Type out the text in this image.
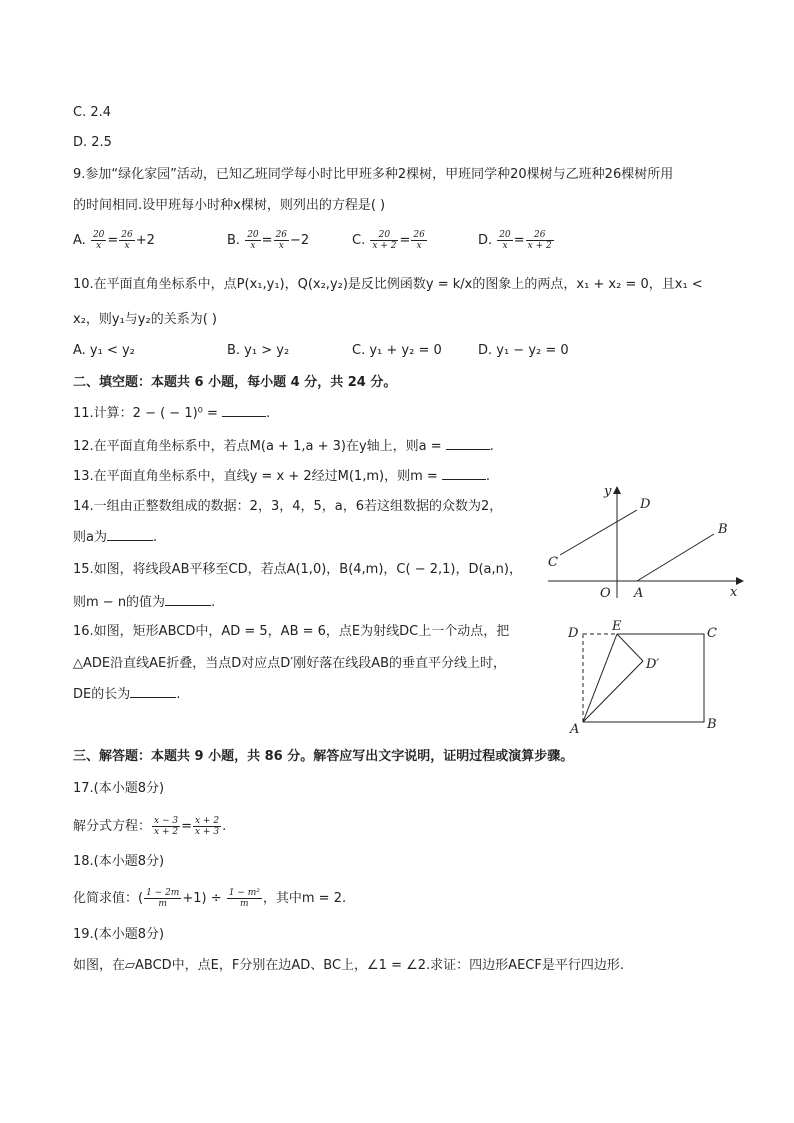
C. 2.4
D. 2.5
9.参加“绿化家园”活动，已知乙班同学每小时比甲班多种2棵树，甲班同学种20棵树与乙班种26棵树所用
的时间相同.设甲班每小时种x棵树，则列出的方程是( )
A. $\frac{20}{x} = \frac{26}{x} +2$	B. $\frac{20}{x} = \frac{26}{x} -2$	C. $\frac{20}{x + 2} = \frac{26}{x}$	D. $\frac{20}{x} = \frac{26}{x + 2}$
10.在平面直角坐标系中，点P(x₁,y₁)，Q(x₂,y₂)是反比例函数y = k/x的图象上的两点，x₁ + x₂ = 0，且x₁ <
x₂，则y₁与y₂的关系为( )
A. y₁ < y₂	B. y₁ > y₂	C. y₁ + y₂ = 0	D. y₁ − y₂ = 0
二、填空题：本题共 6 小题，每小题 4 分，共 24 分。
11.计算：2 − ( − 1)⁰ =	.
12.在平面直角坐标系中，若点M(a + 1,a + 3)在y轴上，则a =	.
13.在平面直角坐标系中，直线y = x + 2经过M(1,m)，则m =	.
14.一组由正整数组成的数据：2，3，4，5，a，6若这组数据的众数为2，
则a为	.
15.如图，将线段AB平移至CD，若点A(1,0)，B(4,m)，C( − 2,1)，D(a,n)，
则m − n的值为	.
16.如图，矩形ABCD中，AD = 5，AB = 6，点E为射线DC上一个动点，把
△ADE沿直线AE折叠，当点D对应点D′刚好落在线段AB的垂直平分线上时，
DE的长为	.
y
x
O A
B
C
D
D	E	C
D′
A	B
三、解答题：本题共 9 小题，共 86 分。解答应写出文字说明，证明过程或演算步骤。
17.(本小题8分)
解分式方程： $\frac{x - 3}{x + 2} = \frac{x + 2}{x + 3}$ .
18.(本小题8分)
化简求值：( $\frac{1 - 2m}{m} +1) \div \frac{\text{1 − m²}}{m}$ ，其中m = 2.
19.(本小题8分)
如图，在▱ABCD中，点E，F分别在边AD、BC上，∠1 = ∠2.求证：四边形AECF是平行四边形.
